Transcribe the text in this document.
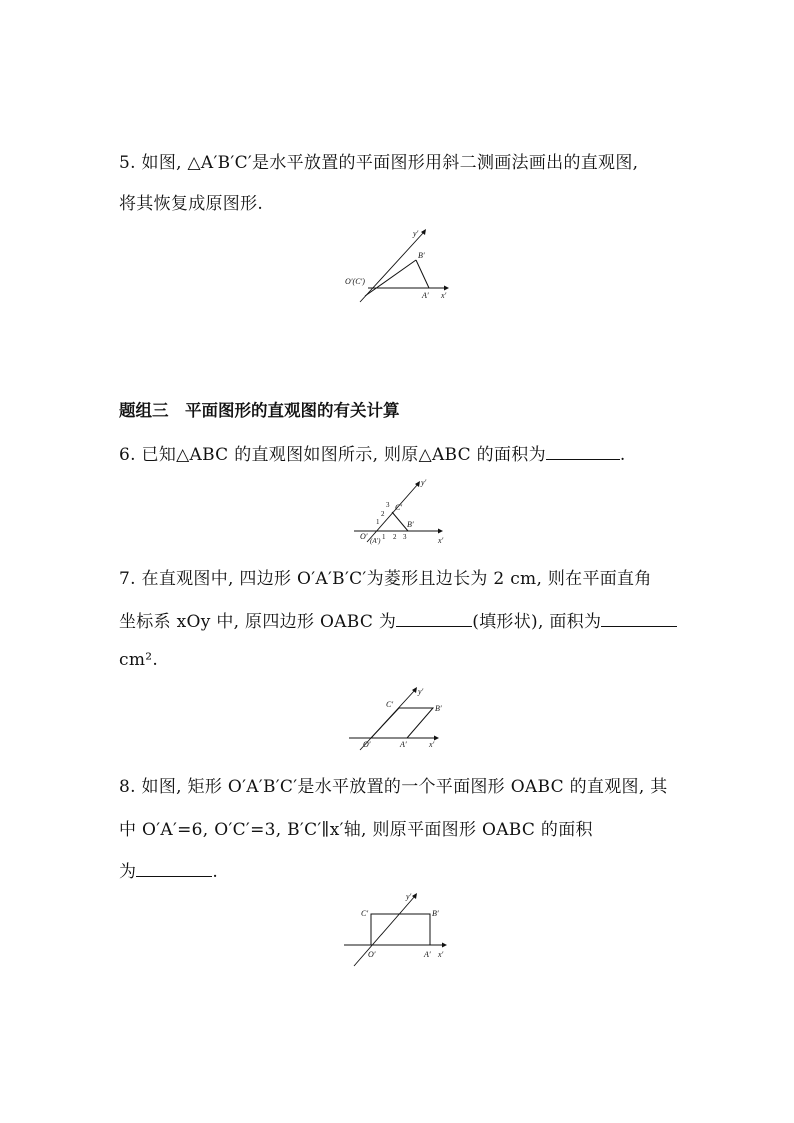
5. 如图, △A′B′C′是水平放置的平面图形用斜二测画法画出的直观图,
将其恢复成原图形.
y′
B′
O′(C′)
A′ x′
题组三　平面图形的直观图的有关计算
6. 已知△ABC 的直观图如图所示, 则原△ABC 的面积为	.
y′
C′
B′
O′ (A′)	x′
1
2
3
1 2 3
7. 在直观图中, 四边形 O′A′B′C′为菱形且边长为 2 cm, 则在平面直角
坐标系 xOy 中, 原四边形 OABC 为	(填形状), 面积为
cm².
y′
C′	B′
O′	A′	x′
8. 如图, 矩形 O′A′B′C′是水平放置的一个平面图形 OABC 的直观图, 其
中 O′A′=6, O′C′=3, B′C′∥x′轴, 则原平面图形 OABC 的面积
为	.
y′
C′	B′
O′	A′ x′
